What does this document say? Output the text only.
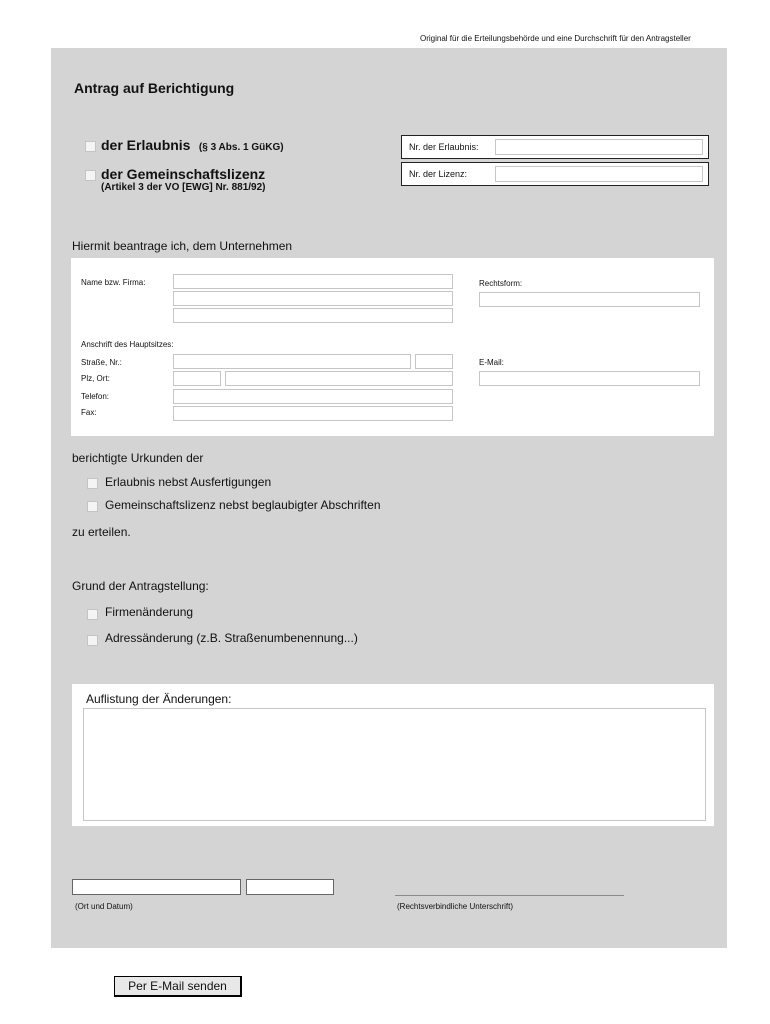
Original für die Erteilungsbehörde und eine Durchschrift für den Antragsteller
Antrag auf Berichtigung
der Erlaubnis (§ 3 Abs. 1 GüKG)
der Gemeinschaftslizenz
(Artikel 3 der VO [EWG] Nr. 881/92)
Nr. der Erlaubnis:
Nr. der Lizenz:
Hiermit beantrage ich, dem Unternehmen
Name bzw. Firma:	Rechtsform:
Anschrift des Hauptsitzes:
Straße, Nr.:	E-Mail:
Plz, Ort:
Telefon:
Fax:
berichtigte Urkunden der
Erlaubnis nebst Ausfertigungen
Gemeinschaftslizenz nebst beglaubigter Abschriften
zu erteilen.
Grund der Antragstellung:
Firmenänderung
Adressänderung (z.B. Straßenumbenennung...)
Auflistung der Änderungen:
(Ort und Datum)	(Rechtsverbindliche Unterschrift)
Per E-Mail senden
